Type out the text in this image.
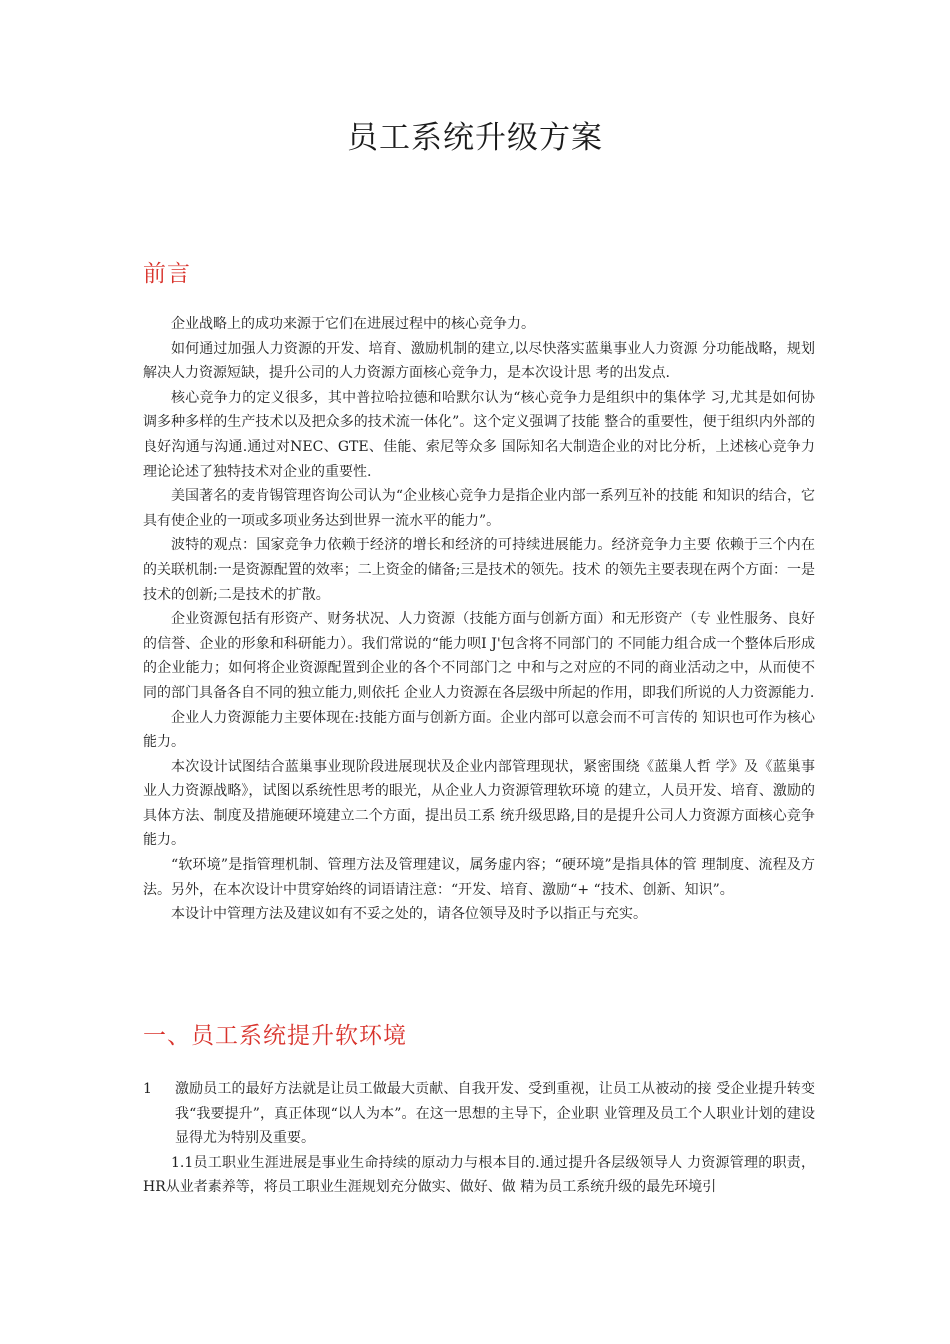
员工系统升级方案
前言

企业战略上的成功来源于它们在进展过程中的核心竞争力。

如何通过加强人力资源的开发、培育、激励机制的建立,以尽快落实蓝巢事业人力资源 分功能战略，规划解决人力资源短缺，提升公司的人力资源方面核心竞争力，是本次设计思 考的出发点.

核心竞争力的定义很多，其中普拉哈拉德和哈默尔认为“核心竞争力是组织中的集体学 习,尤其是如何协调多种多样的生产技术以及把众多的技术流一体化”。这个定义强调了技能 整合的重要性，便于组织内外部的良好沟通与沟通.通过对NEC、GTE、佳能、索尼等众多 国际知名大制造企业的对比分析，上述核心竞争力理论论述了独特技术对企业的重要性.

美国著名的麦肯锡管理咨询公司认为“企业核心竞争力是指企业内部一系列互补的技能 和知识的结合，它具有使企业的一项或多项业务达到世界一流水平的能力”。

波特的观点：国家竞争力依赖于经济的增长和经济的可持续进展能力。经济竞争力主要 依赖于三个内在的关联机制:一是资源配置的效率；二上资金的储备;三是技术的领先。技术 的领先主要表现在两个方面：一是技术的创新;二是技术的扩散。

企业资源包括有形资产、财务状况、人力资源（技能方面与创新方面）和无形资产（专 业性服务、良好的信誉、企业的形象和科研能力）。我们常说的“能力呗I J'包含将不同部门的 不同能力组合成一个整体后形成的企业能力；如何将企业资源配置到企业的各个不同部门之 中和与之对应的不同的商业活动之中，从而使不同的部门具备各自不同的独立能力,则依托 企业人力资源在各层级中所起的作用，即我们所说的人力资源能力.

企业人力资源能力主要体现在:技能方面与创新方面。企业内部可以意会而不可言传的 知识也可作为核心能力。

本次设计试图结合蓝巢事业现阶段进展现状及企业内部管理现状，紧密围绕《蓝巢人哲 学》及《蓝巢事业人力资源战略》，试图以系统性思考的眼光，从企业人力资源管理软环境 的建立，人员开发、培育、激励的具体方法、制度及措施硬环境建立二个方面，提出员工系 统升级思路,目的是提升公司人力资源方面核心竞争能力。

“软环境”是指管理机制、管理方法及管理建议，属务虚内容；“硬环境”是指具体的管 理制度、流程及方法。另外，在本次设计中贯穿始终的词语请注意：“开发、培育、激励“+ “技术、创新、知识”。

本设计中管理方法及建议如有不妥之处的，请各位领导及时予以指正与充实。

一、员工系统提升软环境
1 激励员工的最好方法就是让员工做最大贡献、自我开发、受到重视，让员工从被动的接 受企业提升转变我“我要提升”，真正体现“以人为本”。在这一思想的主导下，企业职 业管理及员工个人职业计划的建设显得尤为特别及重要。

1.1员工职业生涯进展是事业生命持续的原动力与根本目的.通过提升各层级领导人 力资源管理的职责，HR从业者素养等，将员工职业生涯规划充分做实、做好、做 精为员工系统升级的最先环境引
